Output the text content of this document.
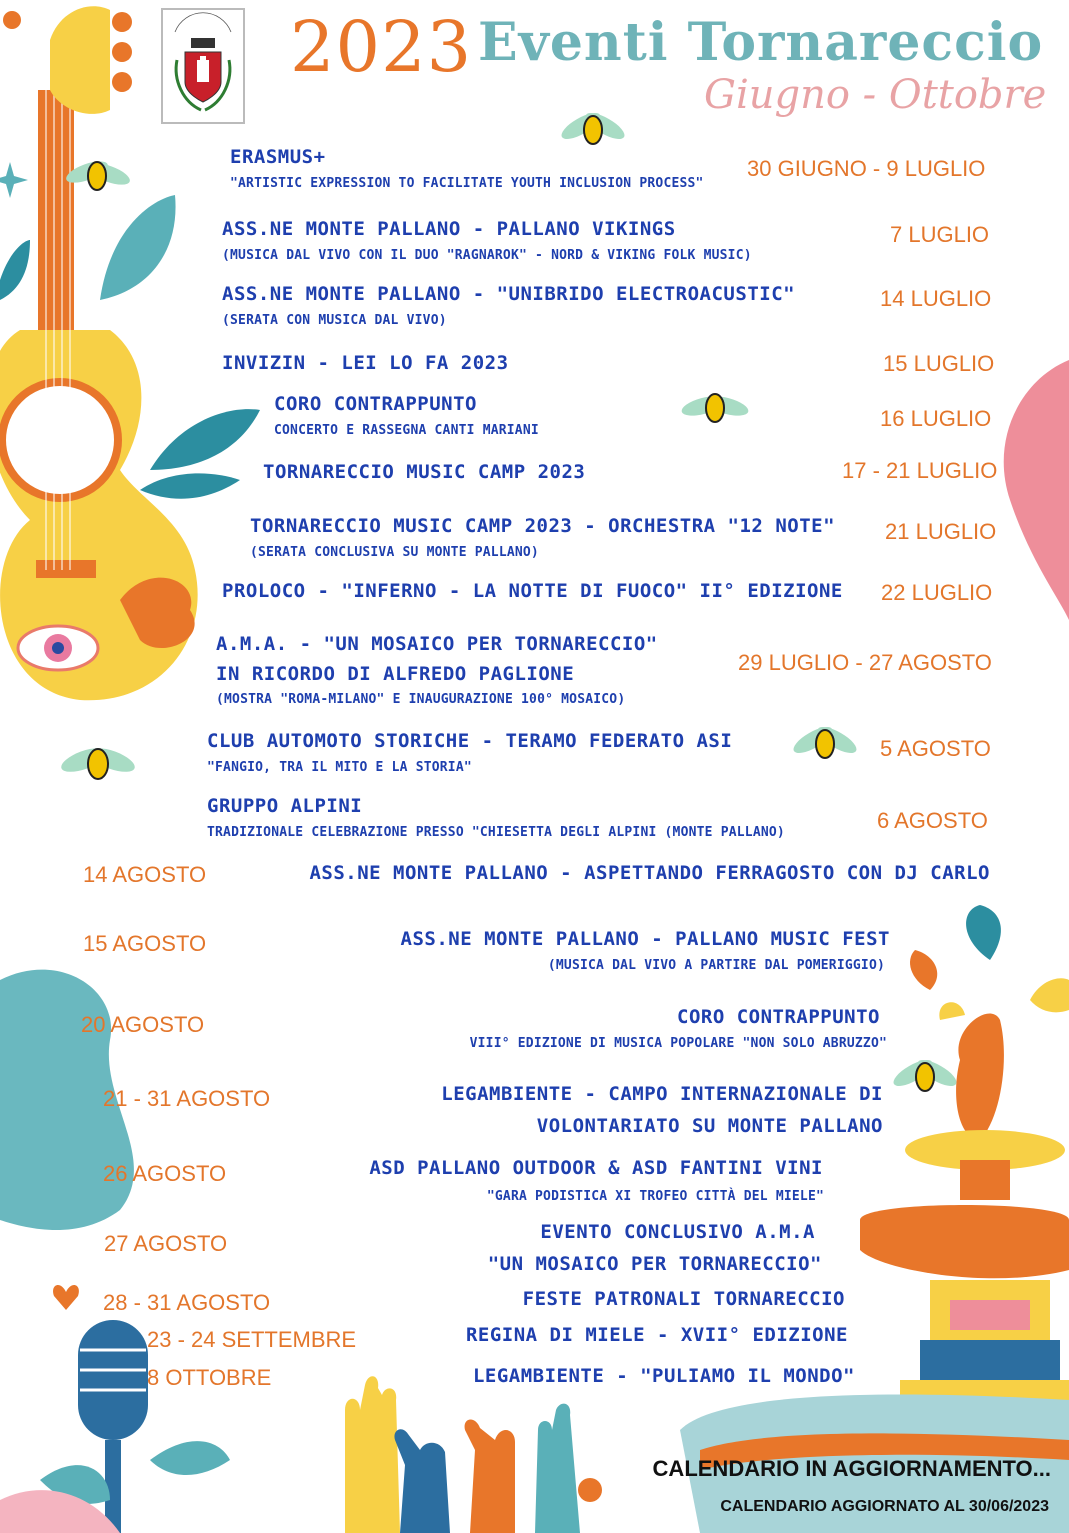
2023 Eventi Tornareccio
Giugno - Ottobre
ERASMUS+
"ARTISTIC EXPRESSION TO FACILITATE YOUTH INCLUSION PROCESS"
30 GIUGNO - 9 LUGLIO
ASS.NE MONTE PALLANO - PALLANO VIKINGS
(MUSICA DAL VIVO CON IL DUO "RAGNAROK" - NORD & VIKING FOLK MUSIC)
7 LUGLIO
ASS.NE MONTE PALLANO - "UNIBRIDO ELECTROACUSTIC"
(SERATA CON MUSICA DAL VIVO)
14 LUGLIO
INVIZIN - LEI LO FA 2023	15 LUGLIO
CORO CONTRAPPUNTO
CONCERTO E RASSEGNA CANTI MARIANI	16 LUGLIO
TORNARECCIO MUSIC CAMP 2023	17 - 21 LUGLIO
TORNARECCIO MUSIC CAMP 2023 - ORCHESTRA "12 NOTE"
(SERATA CONCLUSIVA SU MONTE PALLANO)
21 LUGLIO
PROLOCO - "INFERNO - LA NOTTE DI FUOCO" II° EDIZIONE 22 LUGLIO
A.M.A. - "UN MOSAICO PER TORNARECCIO"
IN RICORDO DI ALFREDO PAGLIONE
(MOSTRA "ROMA-MILANO" E INAUGURAZIONE 100° MOSAICO)
29 LUGLIO - 27 AGOSTO
CLUB AUTOMOTO STORICHE - TERAMO FEDERATO ASI
"FANGIO, TRA IL MITO E LA STORIA"
5 AGOSTO
GRUPPO ALPINI
TRADIZIONALE CELEBRAZIONE PRESSO "CHIESETTA DEGLI ALPINI (MONTE PALLANO)	6 AGOSTO
14 AGOSTO	ASS.NE MONTE PALLANO - ASPETTANDO FERRAGOSTO CON DJ CARLO
15 AGOSTO	ASS.NE MONTE PALLANO - PALLANO MUSIC FEST
(MUSICA DAL VIVO A PARTIRE DAL POMERIGGIO)
20 AGOSTO	CORO CONTRAPPUNTO
VIII° EDIZIONE DI MUSICA POPOLARE "NON SOLO ABRUZZO"
21 - 31 AGOSTO	LEGAMBIENTE - CAMPO INTERNAZIONALE DI
VOLONTARIATO SU MONTE PALLANO
26 AGOSTO	ASD PALLANO OUTDOOR & ASD FANTINI VINI
"GARA PODISTICA XI TROFEO CITTÀ DEL MIELE"
27 AGOSTO	EVENTO CONCLUSIVO A.M.A
"UN MOSAICO PER TORNARECCIO"
28 - 31 AGOSTO	FESTE PATRONALI TORNARECCIO
23 - 24 SETTEMBRE	REGINA DI MIELE - XVII° EDIZIONE
8 OTTOBRE	LEGAMBIENTE - "PULIAMO IL MONDO"
CALENDARIO IN AGGIORNAMENTO...
CALENDARIO AGGIORNATO AL 30/06/2023
